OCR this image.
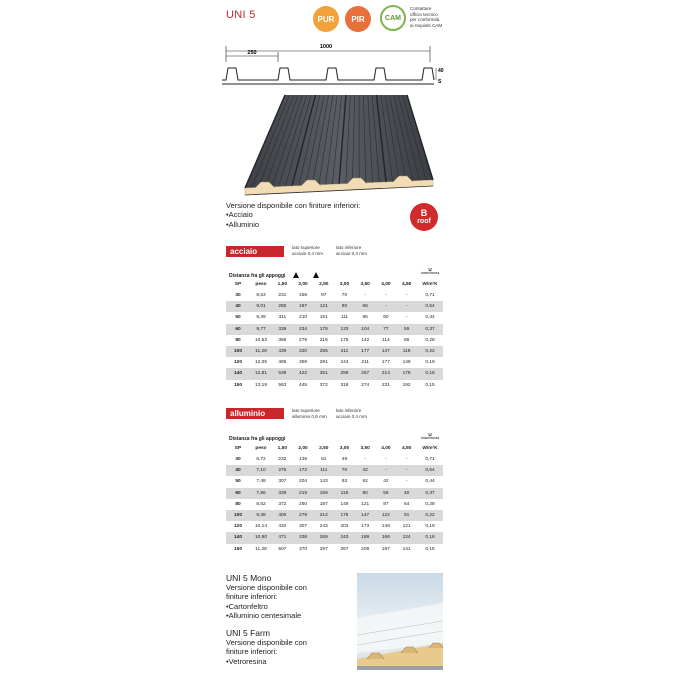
UNI 5	PUR	PIR	CAM
Contattare
ufficio tecnico
per conformità
ai requisiti CAM
1000
250
40
S
Versione disponibile con finiture inferiori:
•Acciaio
•Alluminio
B
roof
acciaio	lato superiore
acciaio 0,4 mm
lato inferiore
acciaio 0,4 mm
Distanza fra gli appoggi
U
trasmittanza
SP	peso	1,50	2,00	2,50	3,00	3,50	4,00	4,50	W/m²K
30	8,63	231	156	97	70	-	-	-	0,71
40	9,01	280	187	121	90	66	-	-	0,54
50	9,39	311	210	151	111	85	60	-	0,44
60	9,77	336	234	178	133	104	77	56	0,37
80	10,53	388	279	216	175	142	114	86	0,28
100	11,29	439	320	255	211	177	147	119	0,22
120	12,05	489	359	291	244	211	177	149	0,19
140	12,81	539	422	351	299	257	214	178	0,16
150	13,19	563	445	372	318	274	231	192	0,15
alluminio	lato superiore
alluminio 0,6 mm
lato inferiore
acciaio 0,4 mm
Distanza fra gli appoggi
U
trasmittanza
SP	peso	1,50	2,00	2,50	3,00	3,50	4,00	4,50	W/m²K
30	6,72	232	136	81	49	-	-	-	0,71
40	7,10	276	172	111	70	42	-	-	0,54
50	7,48	307	204	143	93	62	42	-	0,44
60	7,86	339	219	159	118	80	56	40	0,37
80	8,62	372	250	187	149	121	87	64	0,28
100	9,38	400	279	214	176	147	122	91	0,22
120	10,14	432	307	243	203	173	149	121	0,19
140	10,90	471	338	269	243	189	166	124	0,16
150	11,28	507	370	297	267	209	187	141	0,15
UNI 5 Mono
Versione disponibile con
finiture inferiori:
•Cartonfeltro
•Alluminio centesimale
UNI 5 Farm
Versione disponibile con
finiture inferiori:
•Vetroresina
